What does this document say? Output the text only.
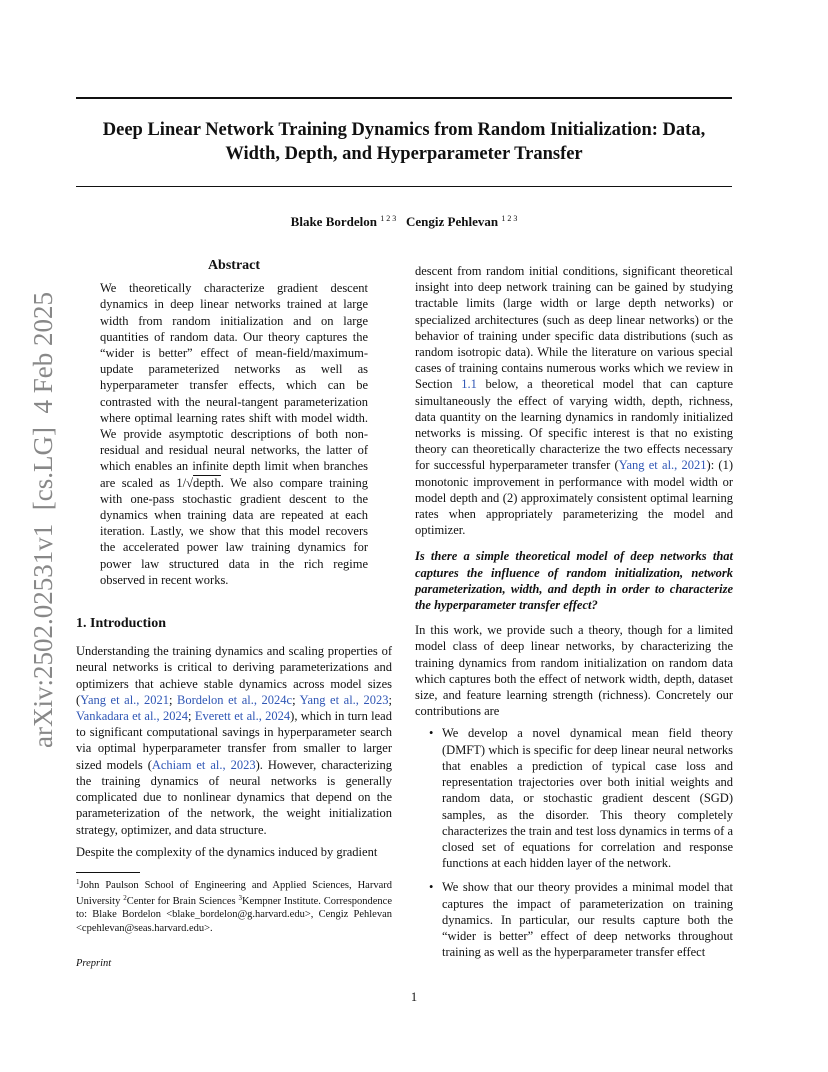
Deep Linear Network Training Dynamics from Random Initialization: Data,
Width, Depth, and Hyperparameter Transfer
Blake Bordelon $^{1 2 3}$ Cengiz Pehlevan $^{1 2 3}$
arXiv:2502.02531v1  [cs.LG]  4 Feb 2025
Abstract

We theoretically characterize gradient descent dynamics in deep linear networks trained at large width from random initialization and on large quantities of random data. Our theory captures the “wider is better” effect of mean-field/maximum-update parameterized networks as well as hyperparameter transfer effects, which can be contrasted with the neural-tangent parameterization where optimal learning rates shift with model width. We provide asymptotic descriptions of both non-residual and residual neural networks, the latter of which enables an infinite depth limit when branches are scaled as 1/√depth. We also compare training with one-pass stochastic gradient descent to the dynamics when training data are repeated at each iteration. Lastly, we show that this model recovers the accelerated power law training dynamics for power law structured data in the rich regime observed in recent works.

1. Introduction

Understanding the training dynamics and scaling properties of neural networks is critical to deriving parameterizations and optimizers that achieve stable dynamics across model sizes (Yang et al., 2021; Bordelon et al., 2024c; Yang et al., 2023; Vankadara et al., 2024; Everett et al., 2024), which in turn lead to significant computational savings in hyperparameter search via optimal hyperparameter transfer from smaller to larger sized models (Achiam et al., 2023). However, characterizing the training dynamics of neural networks is generally complicated due to nonlinear dynamics that depend on the parameterization of the network, the weight initialization strategy, optimizer, and data structure.

Despite the complexity of the dynamics induced by gradient

$^1$John Paulson School of Engineering and Applied Sciences, Harvard University $^2$Center for Brain Sciences $^3$Kempner Institute. Correspondence to: Blake Bordelon <blake_bordelon@g.harvard.edu>, Cengiz Pehlevan <cpehlevan@seas.harvard.edu>.
Preprint

descent from random initial conditions, significant theoretical insight into deep network training can be gained by studying tractable limits (large width or large depth networks) or specialized architectures (such as deep linear networks) or the behavior of training under specific data distributions (such as random isotropic data). While the literature on various special cases of training contains numerous works which we review in Section 1.1 below, a theoretical model that can capture simultaneously the effect of varying width, depth, richness, data quantity on the learning dynamics in randomly initialized networks is missing. Of specific interest is that no existing theory can theoretically characterize the two effects necessary for successful hyperparameter transfer (Yang et al., 2021): (1) monotonic improvement in performance with model width or model depth and (2) approximately consistent optimal learning rates when appropriately parameterizing the model and optimizer.

Is there a simple theoretical model of deep networks that captures the influence of random initialization, network parameterization, width, and depth in order to characterize the hyperparameter transfer effect?

In this work, we provide such a theory, though for a limited model class of deep linear networks, by characterizing the training dynamics from random initialization on random data which captures both the effect of network width, depth, dataset size, and feature learning strength (richness). Concretely our contributions are

• We develop a novel dynamical mean field theory (DMFT) which is specific for deep linear neural networks that enables a prediction of typical case loss and representation trajectories over both initial weights and random data, or stochastic gradient descent (SGD) samples, as the disorder. This theory completely characterizes the train and test loss dynamics in terms of a closed set of equations for correlation and response functions at each hidden layer of the network.
• We show that our theory provides a minimal model that captures the impact of parameterization on training dynamics. In particular, our results capture both the “wider is better” effect of deep networks throughout training as well as the hyperparameter transfer effect
1
